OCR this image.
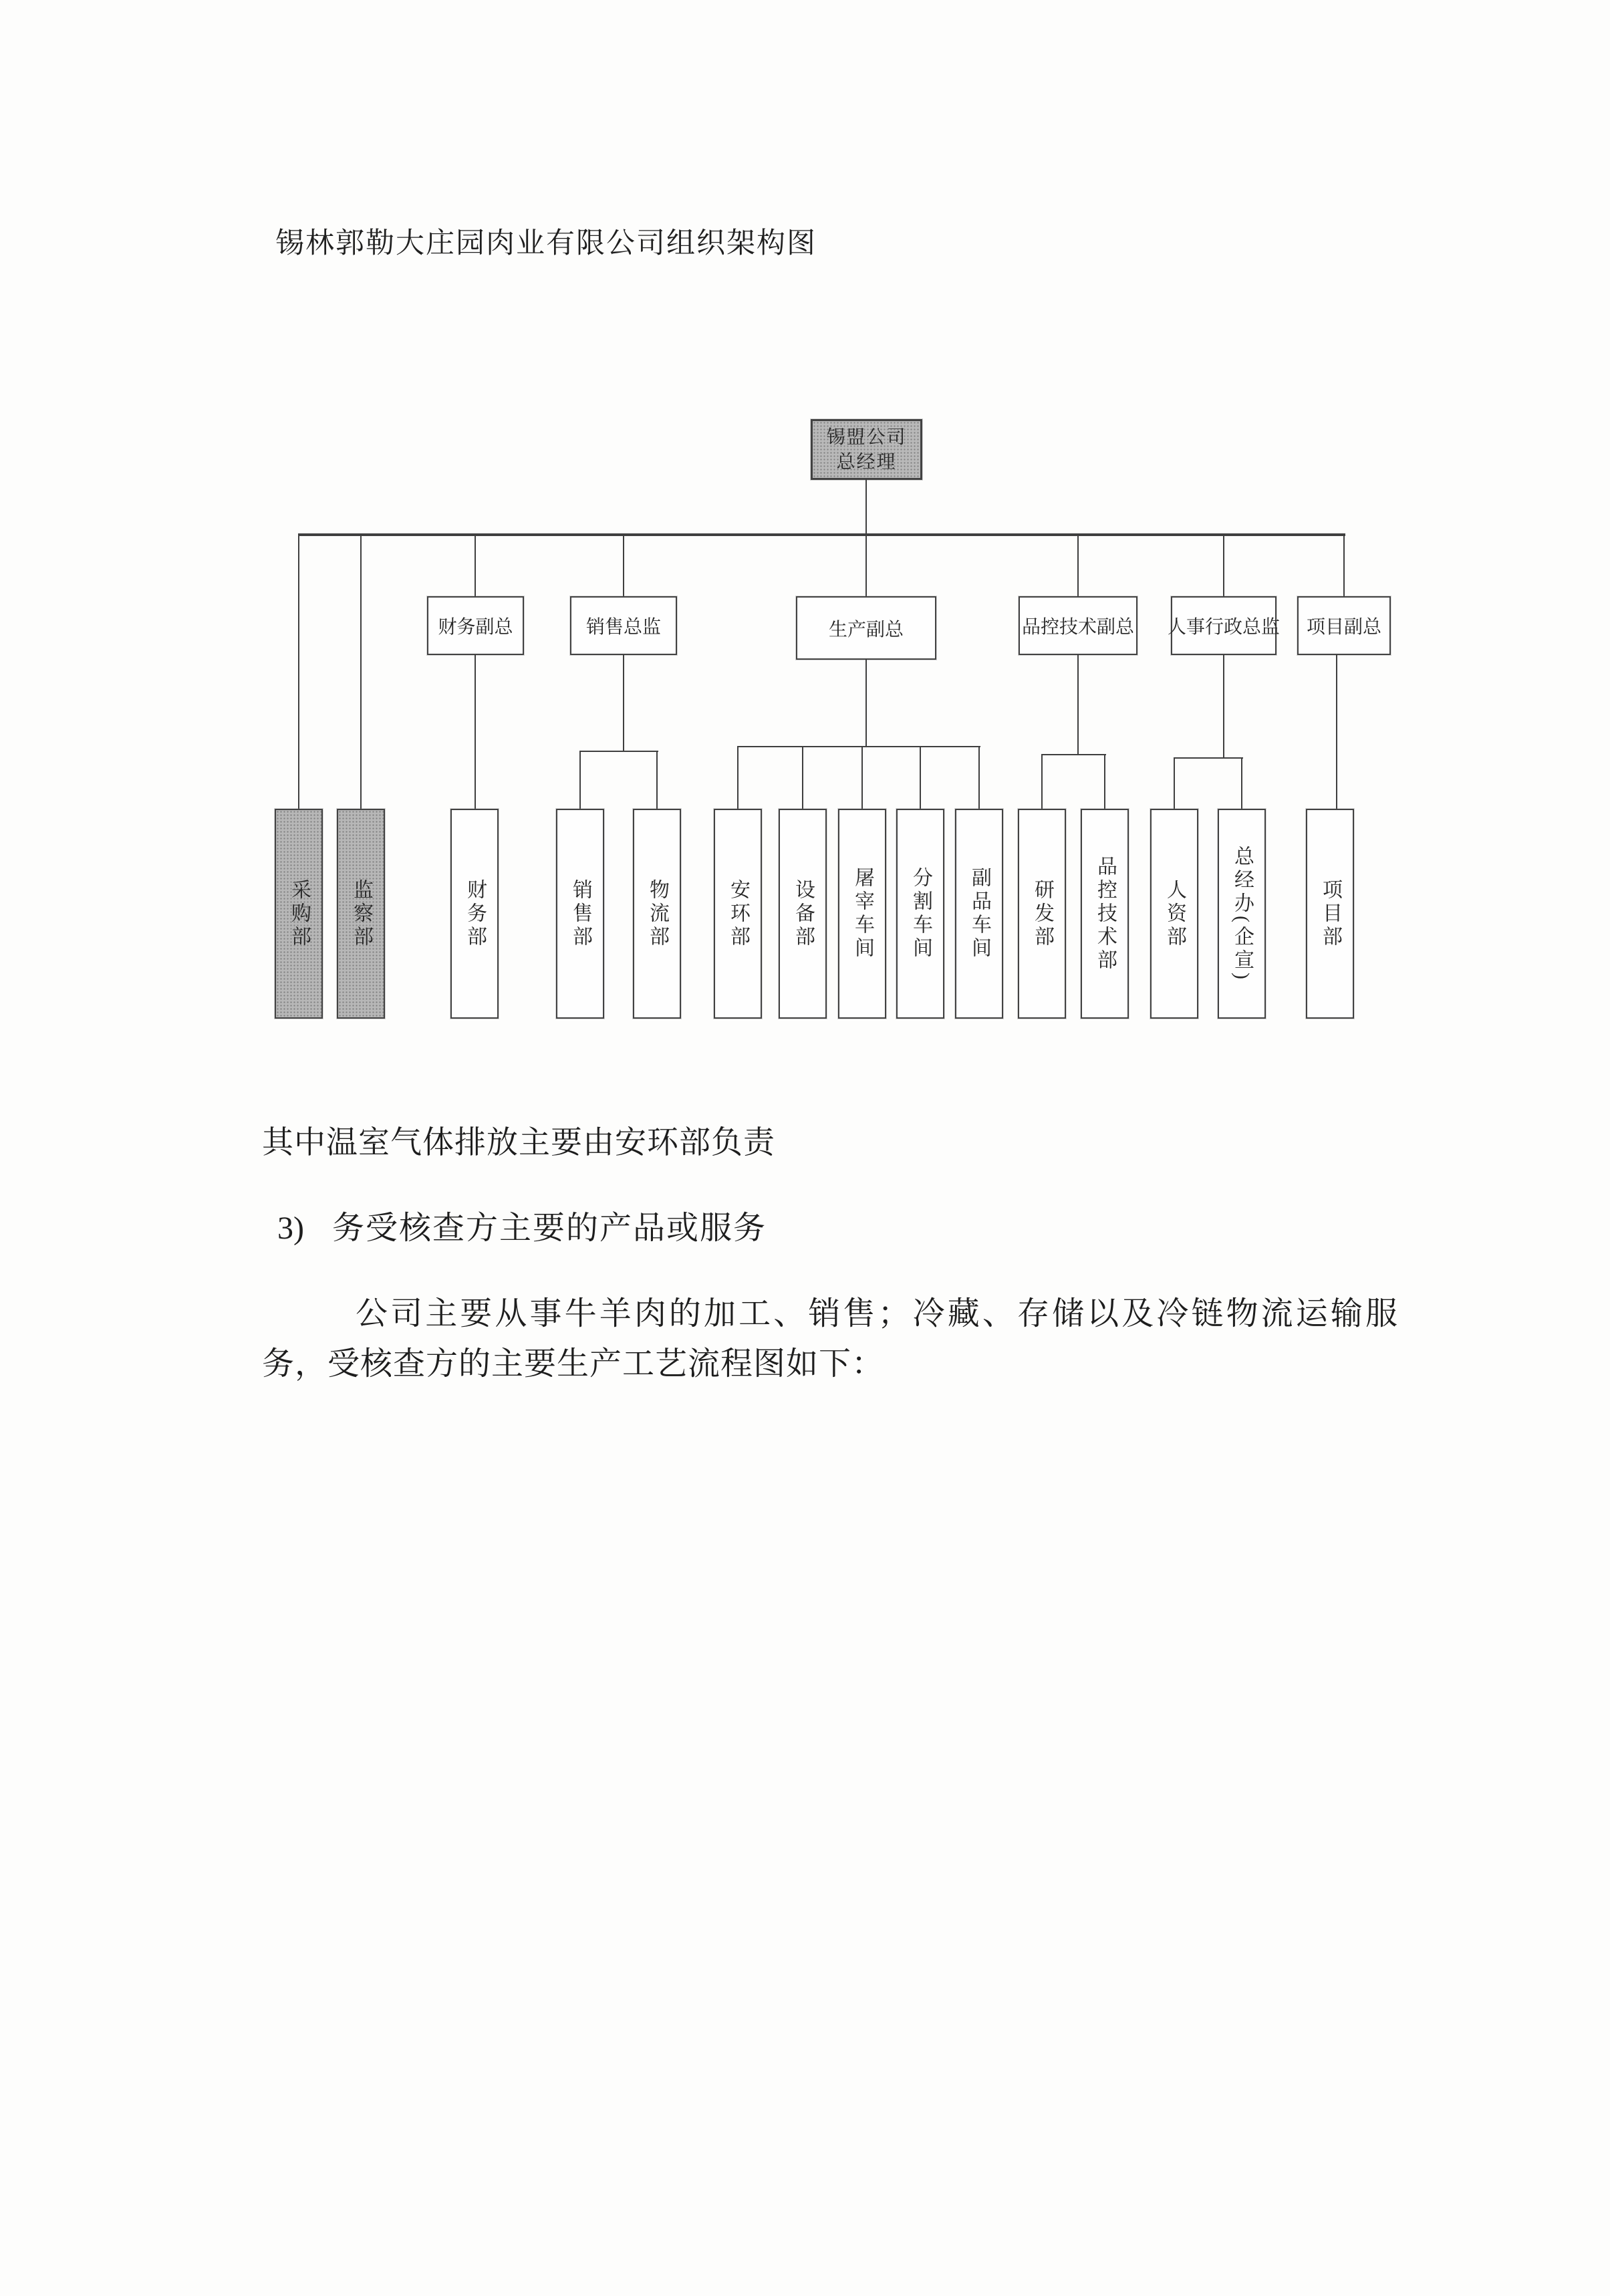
锡林郭勒大庄园肉业有限公司组织架构图
锡盟公司
总经理
财务副总	销售总监	生产副总	品控技术副总 人事行政总监 项目副总
采购部 监察部	财务部	销售部	物流部	安环部 设备部 屠宰车间 分割车间 副品车间 研发部 品控技术部 人资部 总经办(企宣)	项目部
其中温室气体排放主要由安环部负责
3) 务受核查方主要的产品或服务
公司主要从事牛羊肉的加工、销售；冷藏、存储以及冷链物流运输服务，受核查方的主要生产工艺流程图如下：
